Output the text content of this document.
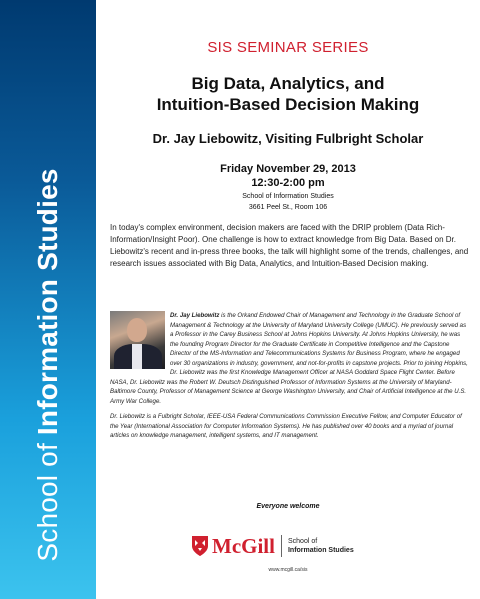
School of Information Studies
SIS SEMINAR SERIES
Big Data, Analytics, and
Intuition-Based Decision Making
Dr. Jay Liebowitz, Visiting Fulbright Scholar
Friday November 29, 2013
12:30-2:00 pm
School of Information Studies
3661 Peel St., Room 106

In today's complex environment, decision makers are faced with the DRIP problem (Data Rich-Information/Insight Poor). One challenge is how to extract knowledge from Big Data. Based on Dr. Liebowitz's recent and in-press three books, the talk will highlight some of the trends, challenges, and research issues associated with Big Data, Analytics, and Intuition-Based Decision making.

Dr. Jay Liebowitz is the Orkand Endowed Chair of Management and Technology in the Graduate School of Management & Technology at the University of Maryland University College (UMUC). He previously served as a Professor in the Carey Business School at Johns Hopkins University. At Johns Hopkins University, he was the founding Program Director for the Graduate Certificate in Competitive Intelligence and the Capstone Director of the MS-Information and Telecommunications Systems for Business Program, where he engaged over 30 organizations in industry, government, and not-for-profits in capstone projects. Prior to joining Hopkins, Dr. Liebowitz was the first Knowledge Management Officer at NASA Goddard Space Flight Center. Before NASA, Dr. Liebowitz was the Robert W. Deutsch Distinguished Professor of Information Systems at the University of Maryland-Baltimore County, Professor of Management Science at George Washington University, and Chair of Artificial Intelligence at the U.S. Army War College.

Dr. Liebowitz is a Fulbright Scholar, IEEE-USA Federal Communications Commission Executive Fellow, and Computer Educator of the Year (International Association for Computer Information Systems). He has published over 40 books and a myriad of journal articles on knowledge management, intelligent systems, and IT management.

Everyone welcome
McGill School of
Information Studies
www.mcgill.ca/sis
